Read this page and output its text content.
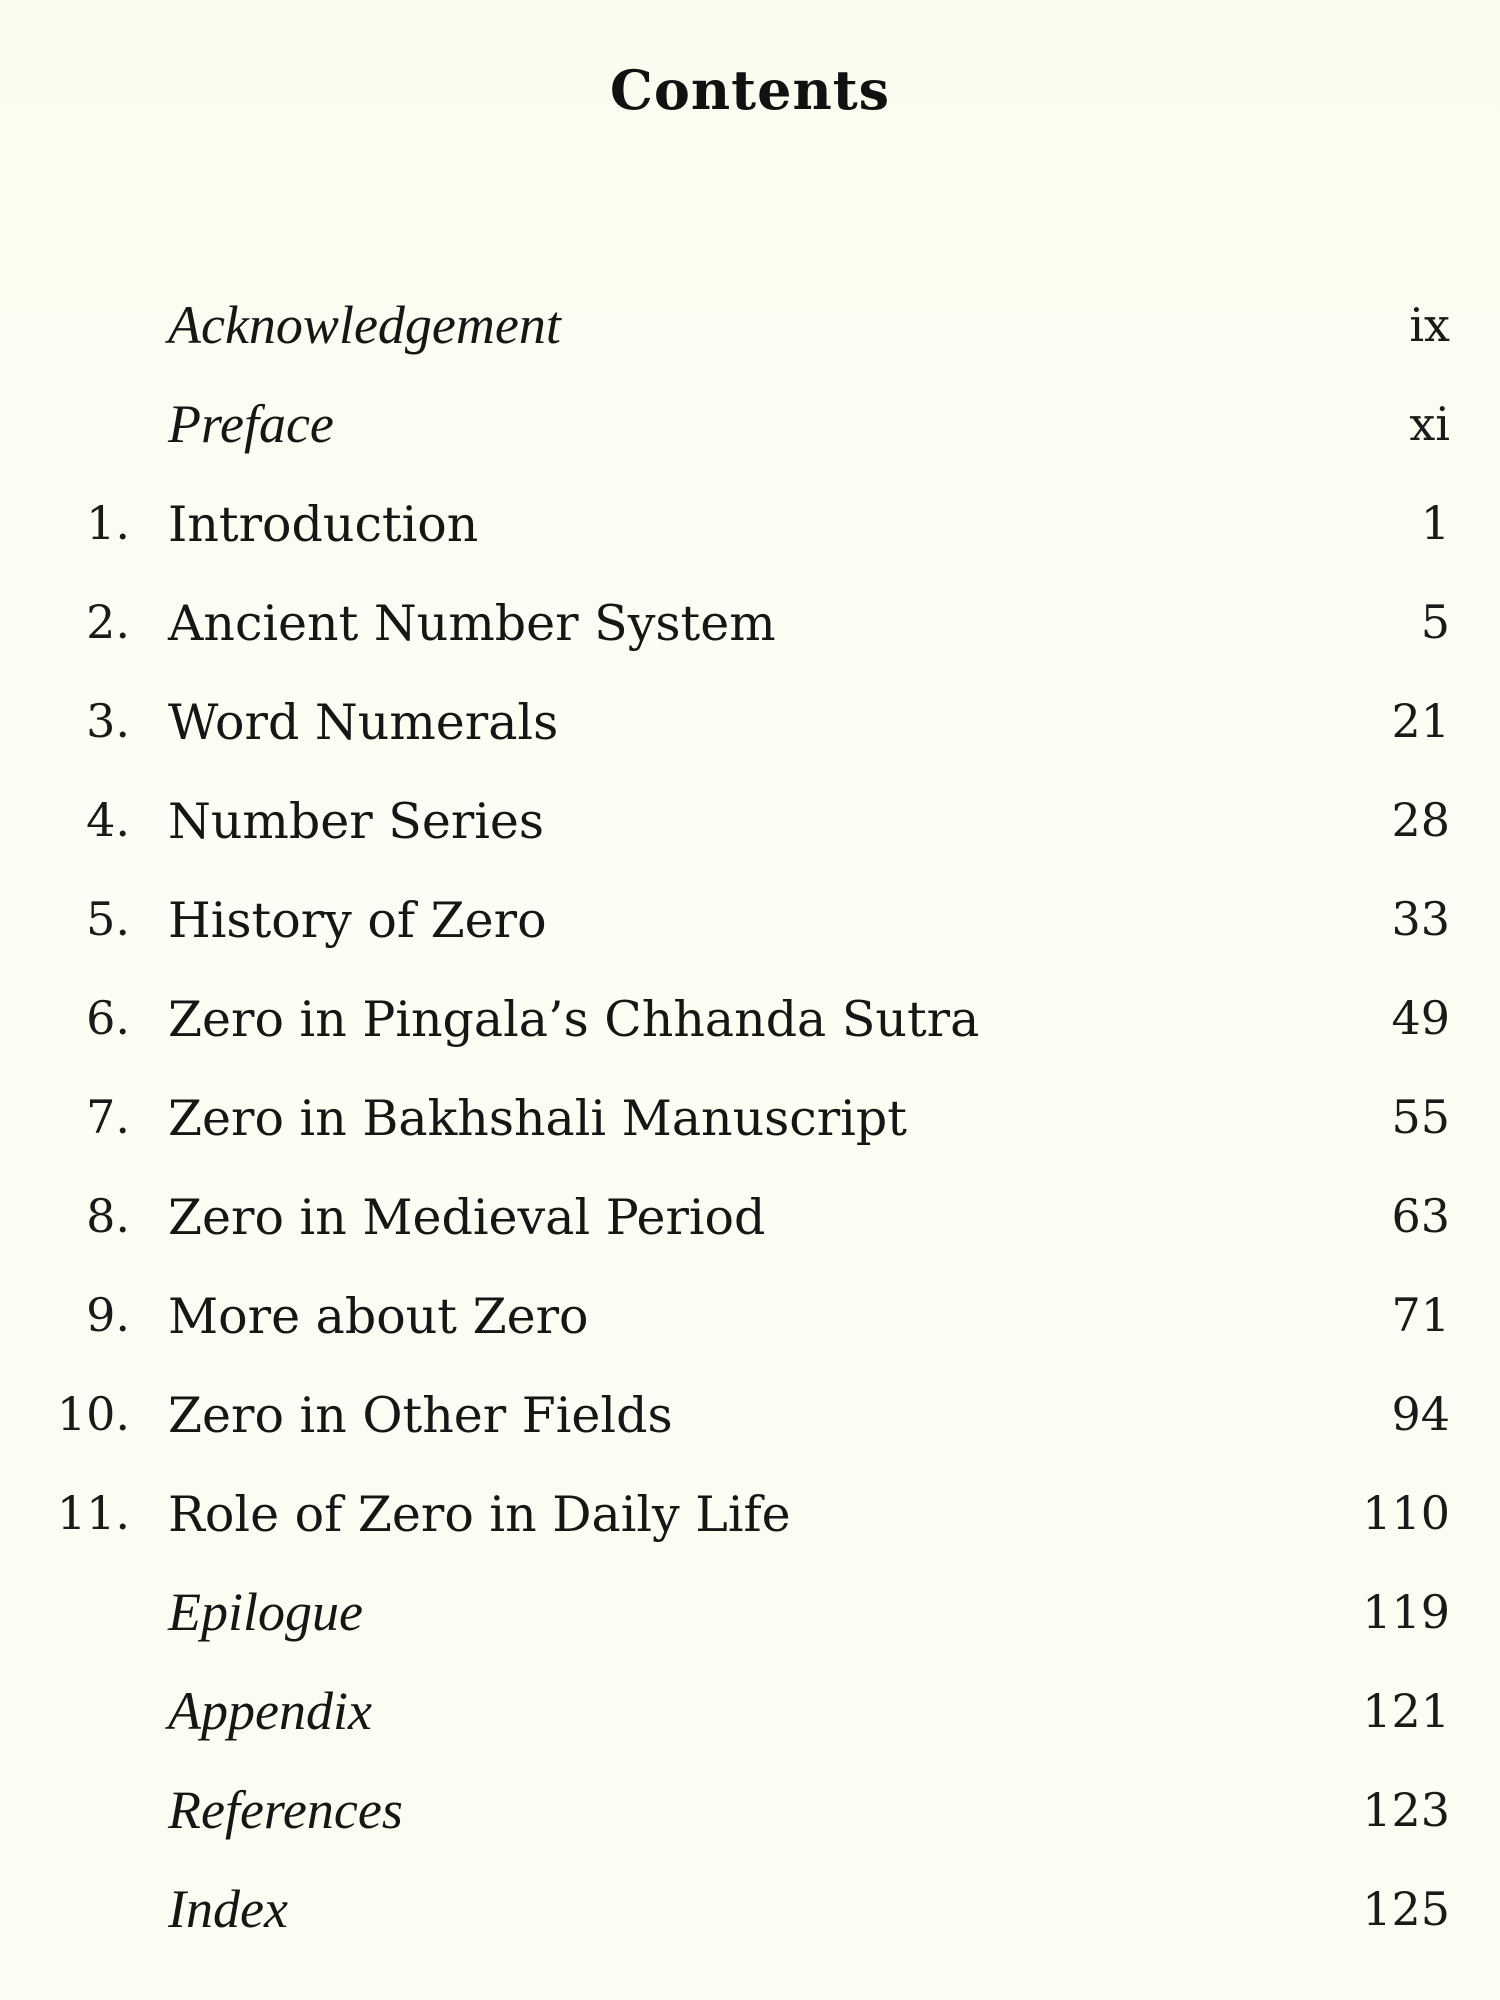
Contents
Acknowledgement	ix
Preface	xi
1. Introduction	1
2. Ancient Number System	5
3. Word Numerals	21
4. Number Series	28
5. History of Zero	33
6. Zero in Pingala’s Chhanda Sutra	49
7. Zero in Bakhshali Manuscript	55
8. Zero in Medieval Period	63
9. More about Zero	71
10. Zero in Other Fields	94
11. Role of Zero in Daily Life	110
Epilogue	119
Appendix	121
References	123
Index	125
